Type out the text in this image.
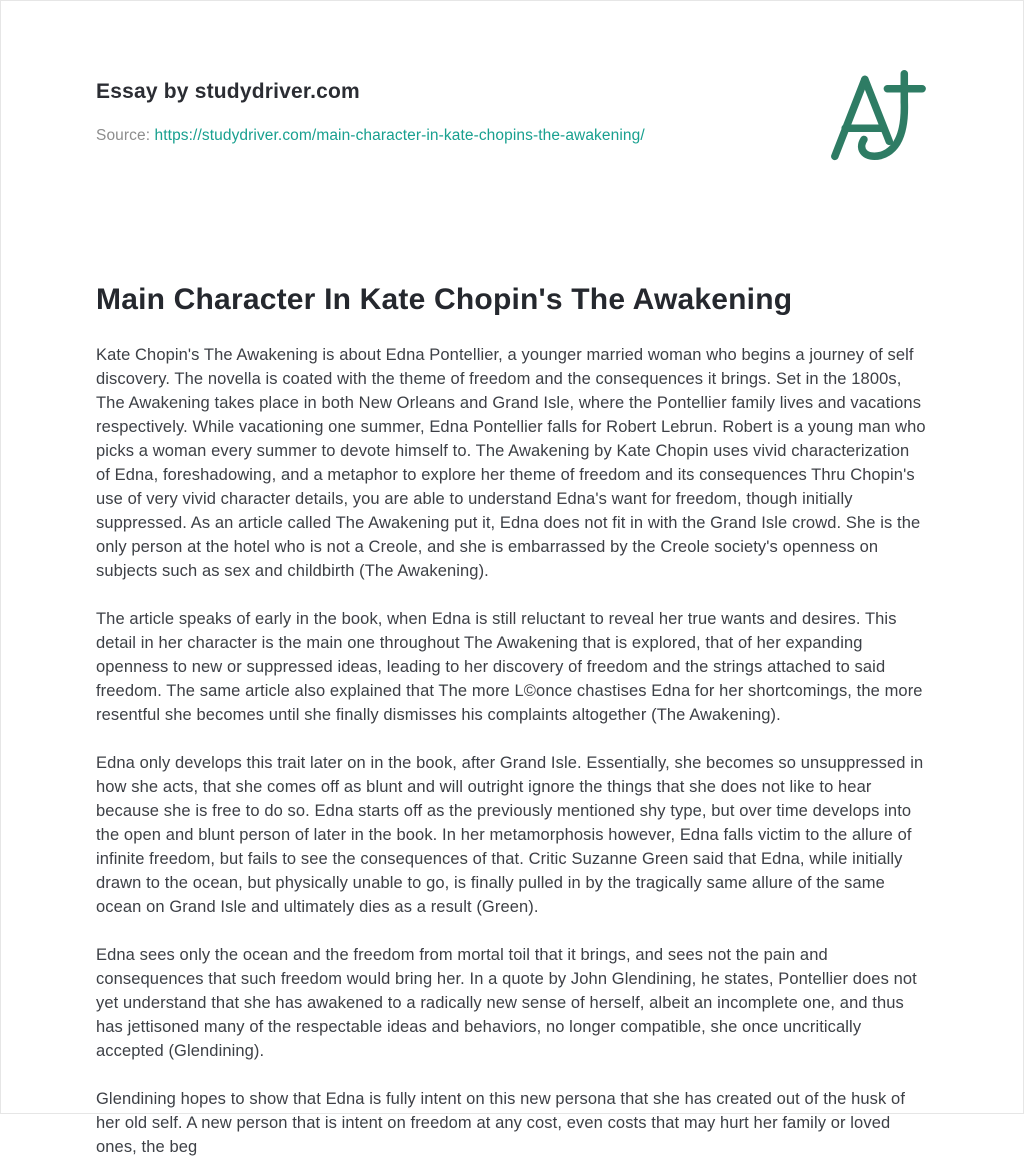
Essay by studydriver.com
Source: https://studydriver.com/main-character-in-kate-chopins-the-awakening/
Main Character In Kate Chopin's The Awakening

Kate Chopin's The Awakening is about Edna Pontellier, a younger married woman who begins a journey of self discovery. The novella is coated with the theme of freedom and the consequences it brings. Set in the 1800s, The Awakening takes place in both New Orleans and Grand Isle, where the Pontellier family lives and vacations respectively. While vacationing one summer, Edna Pontellier falls for Robert Lebrun. Robert is a young man who picks a woman every summer to devote himself to. The Awakening by Kate Chopin uses vivid characterization of Edna, foreshadowing, and a metaphor to explore her theme of freedom and its consequences Thru Chopin's use of very vivid character details, you are able to understand Edna's want for freedom, though initially suppressed. As an article called The Awakening put it, Edna does not fit in with the Grand Isle crowd. She is the only person at the hotel who is not a Creole, and she is embarrassed by the Creole society's openness on subjects such as sex and childbirth (The Awakening).

The article speaks of early in the book, when Edna is still reluctant to reveal her true wants and desires. This detail in her character is the main one throughout The Awakening that is explored, that of her expanding openness to new or suppressed ideas, leading to her discovery of freedom and the strings attached to said freedom. The same article also explained that The more L©once chastises Edna for her shortcomings, the more resentful she becomes until she finally dismisses his complaints altogether (The Awakening).

Edna only develops this trait later on in the book, after Grand Isle. Essentially, she becomes so unsuppressed in how she acts, that she comes off as blunt and will outright ignore the things that she does not like to hear because she is free to do so. Edna starts off as the previously mentioned shy type, but over time develops into the open and blunt person of later in the book. In her metamorphosis however, Edna falls victim to the allure of infinite freedom, but fails to see the consequences of that. Critic Suzanne Green said that Edna, while initially drawn to the ocean, but physically unable to go, is finally pulled in by the tragically same allure of the same ocean on Grand Isle and ultimately dies as a result (Green).

Edna sees only the ocean and the freedom from mortal toil that it brings, and sees not the pain and consequences that such freedom would bring her. In a quote by John Glendining, he states, Pontellier does not yet understand that she has awakened to a radically new sense of herself, albeit an incomplete one, and thus has jettisoned many of the respectable ideas and behaviors, no longer compatible, she once uncritically accepted (Glendining).

Glendining hopes to show that Edna is fully intent on this new persona that she has created out of the husk of her old self. A new person that is intent on freedom at any cost, even costs that may hurt her family or loved ones, the beg
